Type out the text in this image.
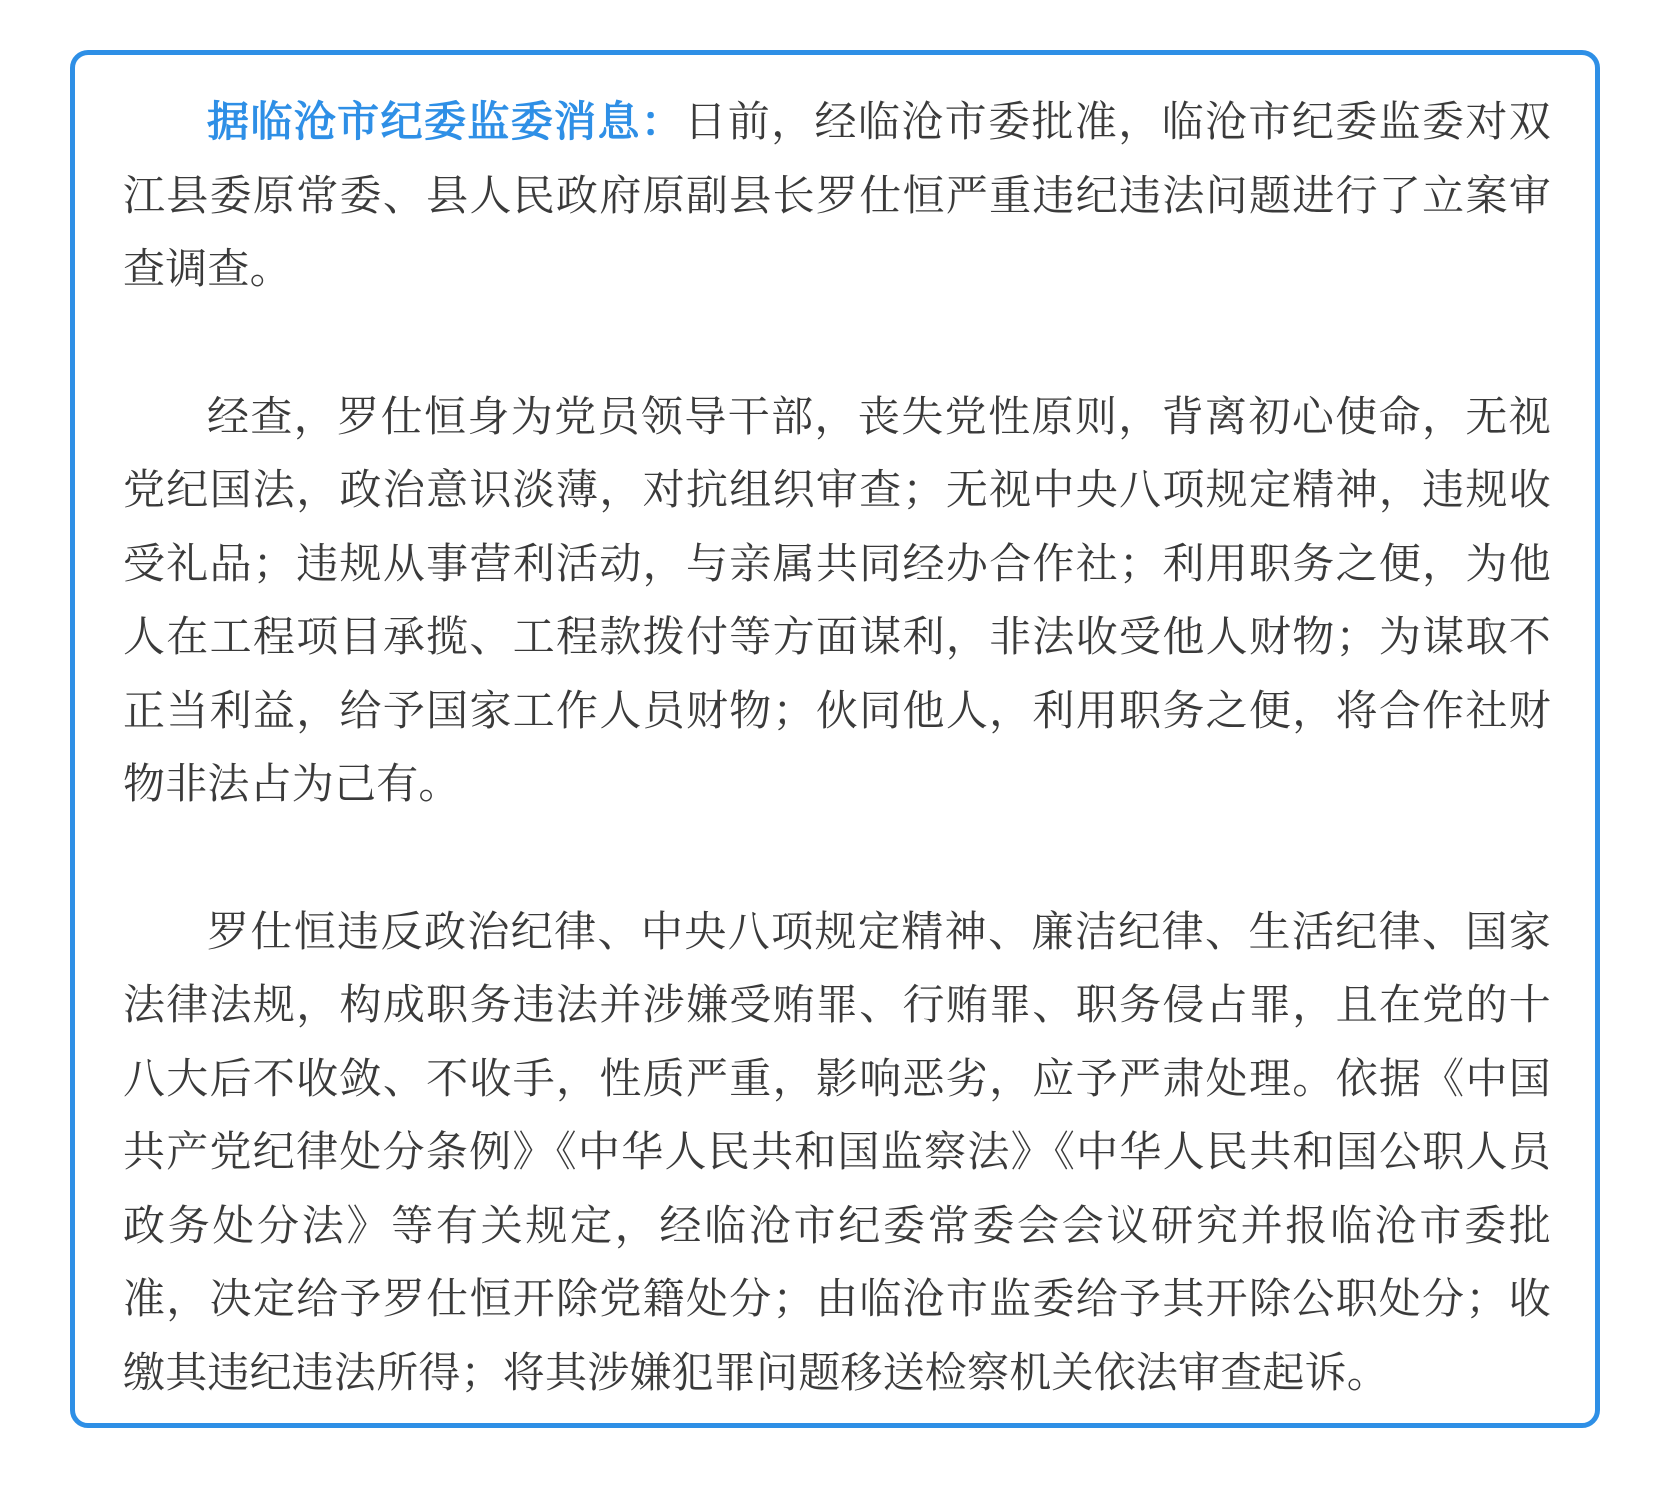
据临沧市纪委监委消息：日前，经临沧市委批准，临沧市纪委监委对双江县委原常委、县人民政府原副县长罗仕恒严重违纪违法问题进行了立案审查调查。

经查，罗仕恒身为党员领导干部，丧失党性原则，背离初心使命，无视党纪国法，政治意识淡薄，对抗组织审查；无视中央八项规定精神，违规收受礼品；违规从事营利活动，与亲属共同经办合作社；利用职务之便，为他人在工程项目承揽、工程款拨付等方面谋利，非法收受他人财物；为谋取不正当利益，给予国家工作人员财物；伙同他人，利用职务之便，将合作社财物非法占为己有。

罗仕恒违反政治纪律、中央八项规定精神、廉洁纪律、生活纪律、国家法律法规，构成职务违法并涉嫌受贿罪、行贿罪、职务侵占罪，且在党的十八大后不收敛、不收手，性质严重，影响恶劣，应予严肃处理。依据《中国共产党纪律处分条例》《中华人民共和国监察法》《中华人民共和国公职人员政务处分法》等有关规定，经临沧市纪委常委会会议研究并报临沧市委批准，决定给予罗仕恒开除党籍处分；由临沧市监委给予其开除公职处分；收缴其违纪违法所得；将其涉嫌犯罪问题移送检察机关依法审查起诉。
